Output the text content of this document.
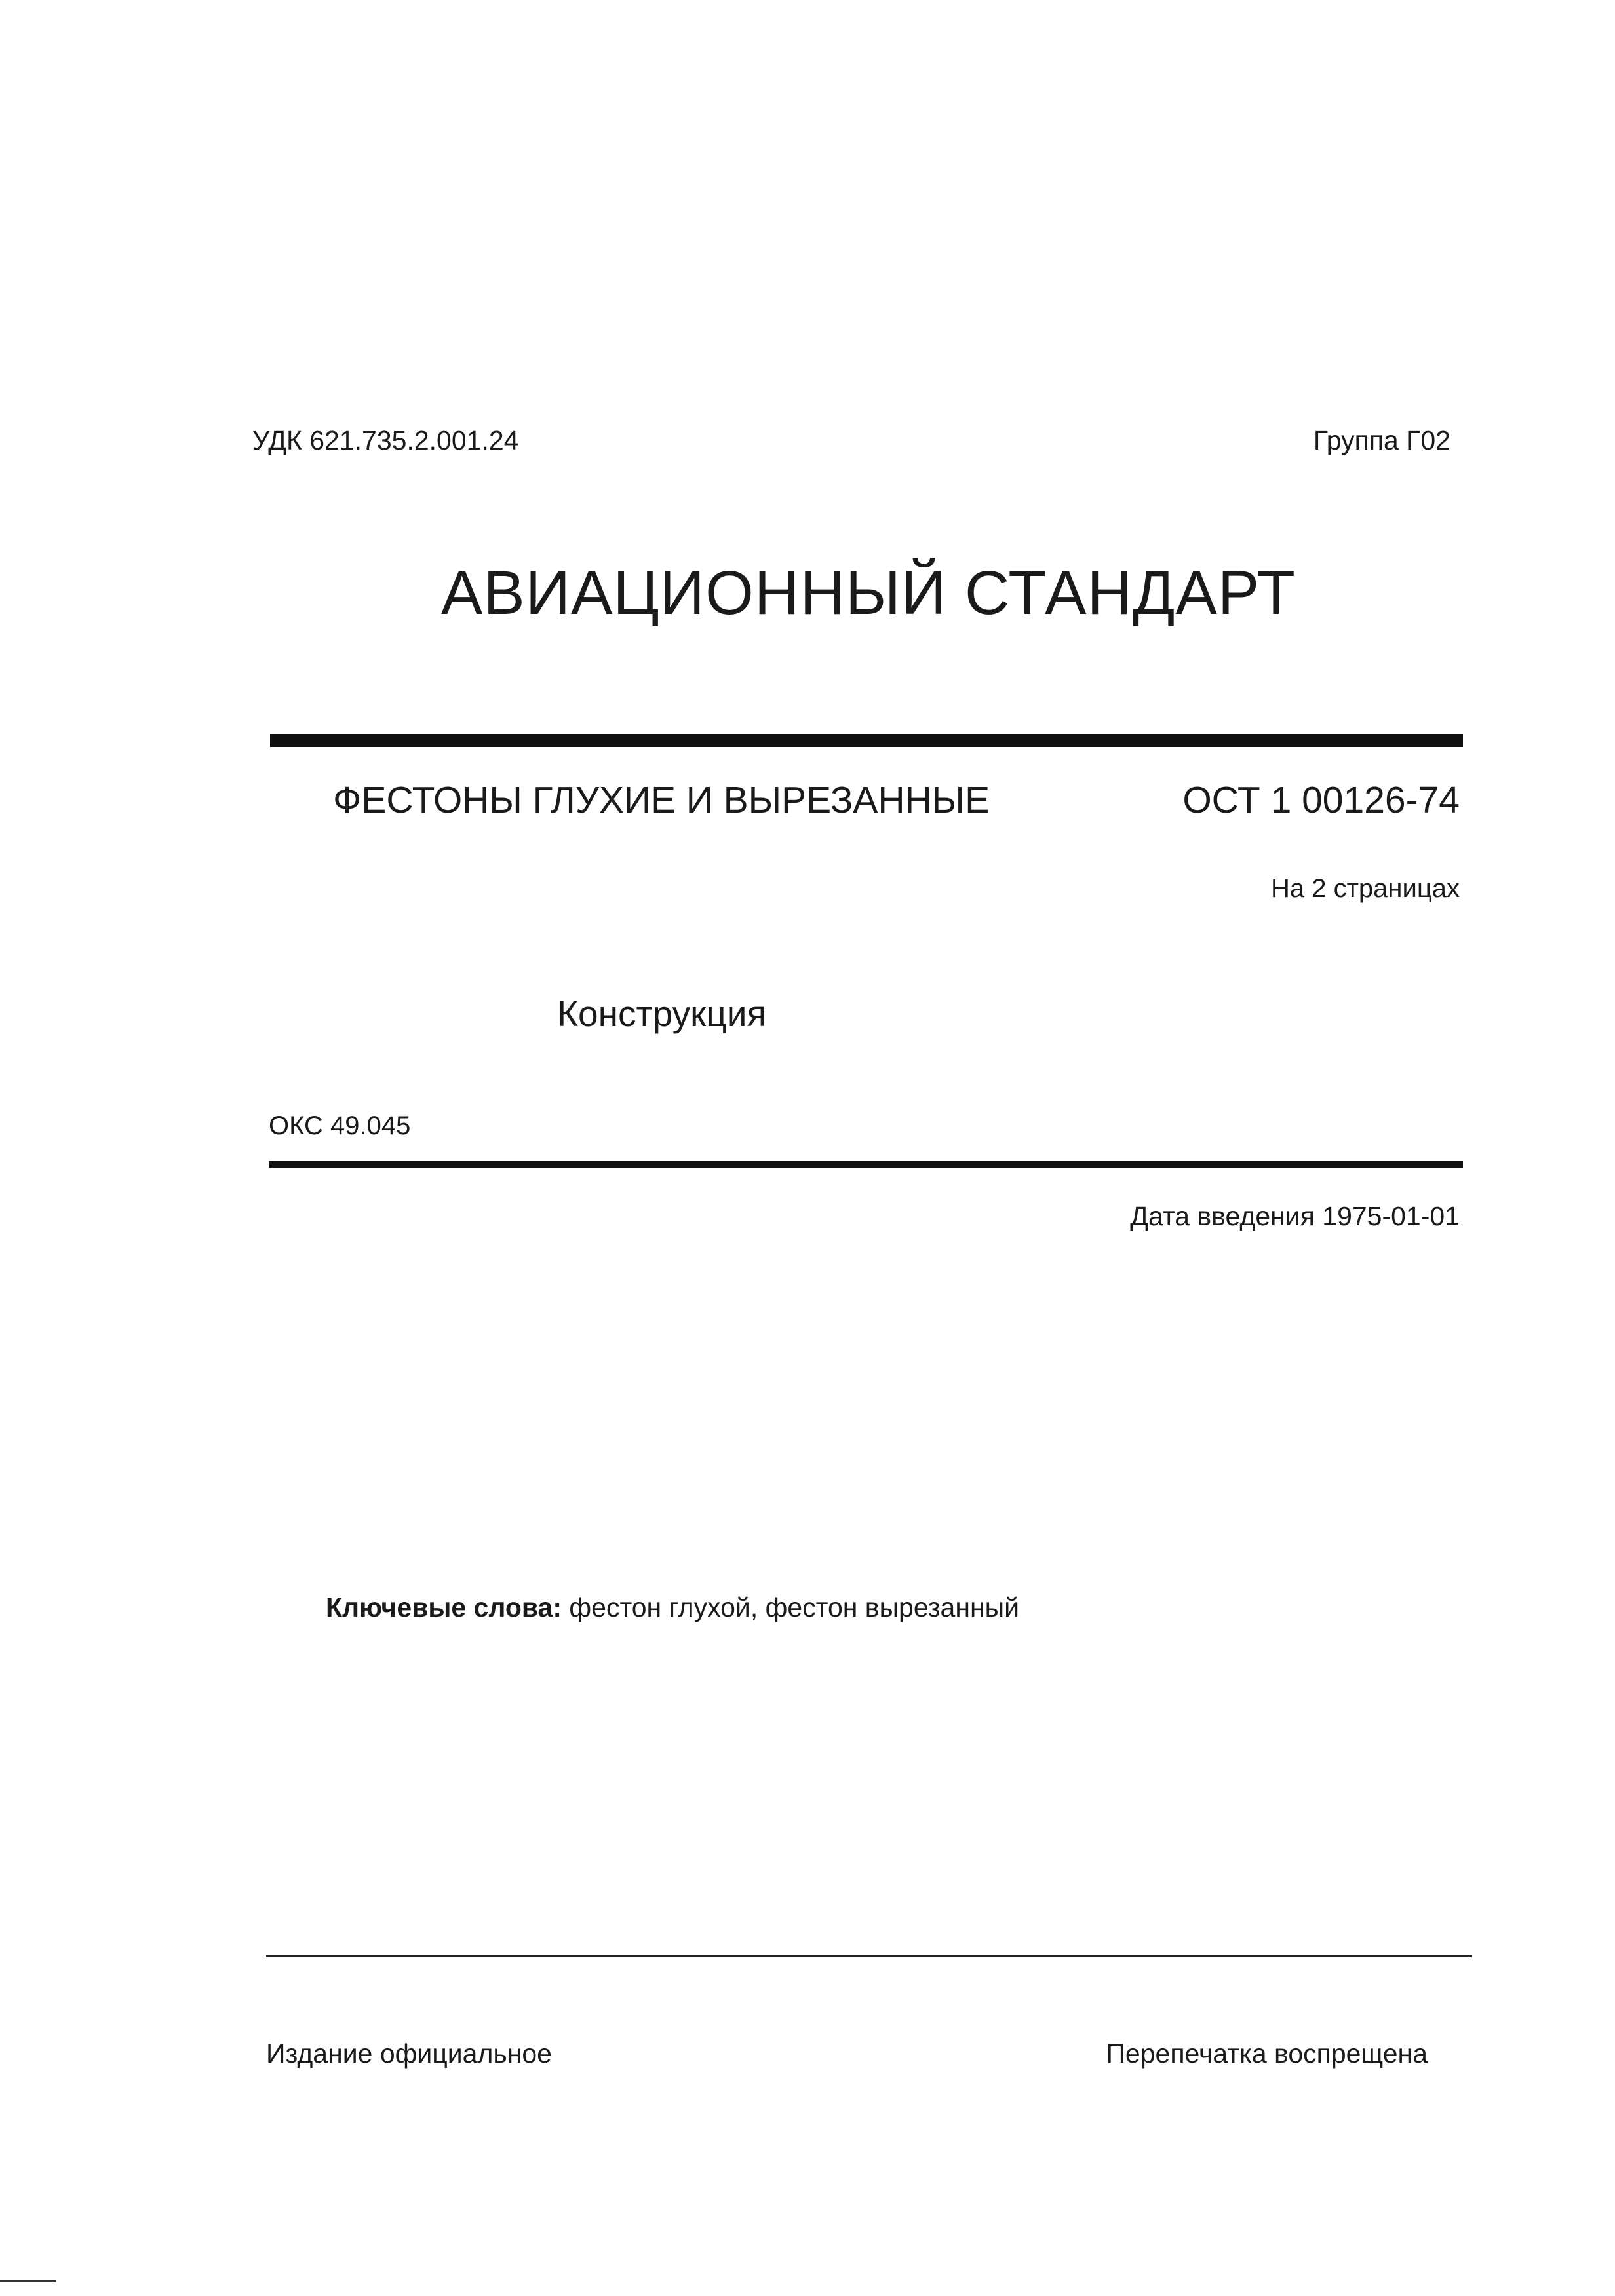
УДК 621.735.2.001.24	Группа Г02
АВИАЦИОННЫЙ СТАНДАРТ
ФЕСТОНЫ ГЛУХИЕ И ВЫРЕЗАННЫЕ	ОСТ 1 00126-74
На 2 страницах
Конструкция
ОКС 49.045
Дата введения 1975-01-01
Ключевые слова: фестон глухой, фестон вырезанный
Издание официальное	Перепечатка воспрещена
